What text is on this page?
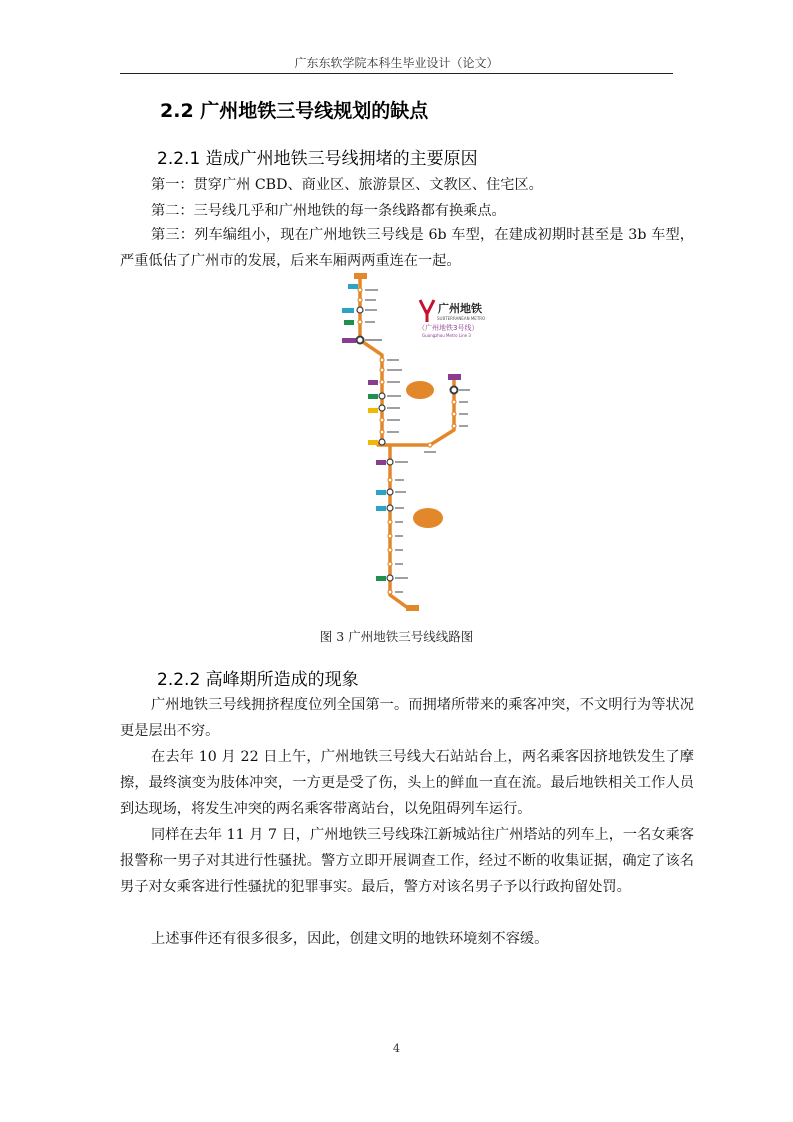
广东东软学院本科生毕业设计（论文）
2.2 广州地铁三号线规划的缺点
2.2.1 造成广州地铁三号线拥堵的主要原因
第一：贯穿广州 CBD、商业区、旅游景区、文教区、住宅区。
第二：三号线几乎和广州地铁的每一条线路都有换乘点。
第三：列车编组小，现在广州地铁三号线是 6b 车型，在建成初期时甚至是 3b 车型，严重低估了广州市的发展，后来车厢两两重连在一起。
广州地铁
SUBTERRANEAN METRO
（广州地铁3号线）
Guangzhou Metro Line 3
图 3 广州地铁三号线线路图
2.2.2 高峰期所造成的现象
广州地铁三号线拥挤程度位列全国第一。而拥堵所带来的乘客冲突，不文明行为等状况更是层出不穷。
在去年 10 月 22 日上午，广州地铁三号线大石站站台上，两名乘客因挤地铁发生了摩擦，最终演变为肢体冲突，一方更是受了伤，头上的鲜血一直在流。最后地铁相关工作人员到达现场，将发生冲突的两名乘客带离站台，以免阻碍列车运行。
同样在去年 11 月 7 日，广州地铁三号线珠江新城站往广州塔站的列车上，一名女乘客报警称一男子对其进行性骚扰。警方立即开展调查工作，经过不断的收集证据，确定了该名男子对女乘客进行性骚扰的犯罪事实。最后，警方对该名男子予以行政拘留处罚。
上述事件还有很多很多，因此，创建文明的地铁环境刻不容缓。
4
